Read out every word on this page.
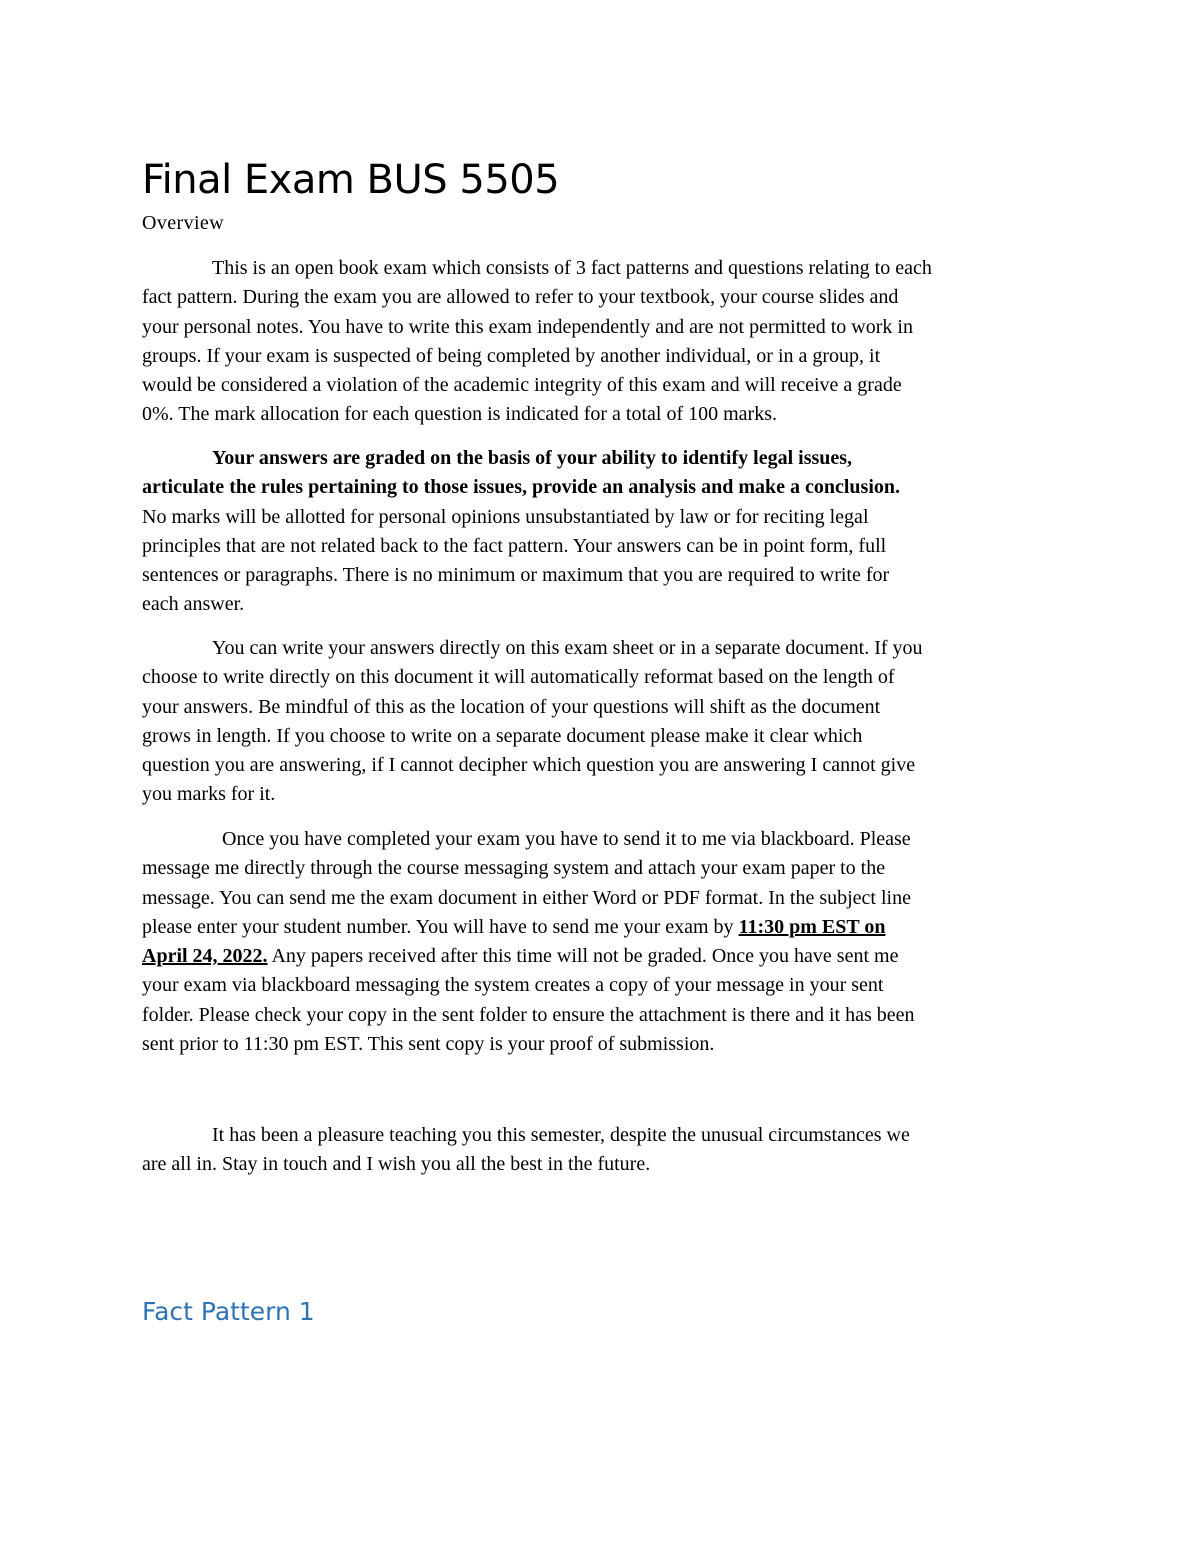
Final Exam BUS 5505

Overview

This is an open book exam which consists of 3 fact patterns and questions relating to each
fact pattern. During the exam you are allowed to refer to your textbook, your course slides and
your personal notes. You have to write this exam independently and are not permitted to work in
groups. If your exam is suspected of being completed by another individual, or in a group, it
would be considered a violation of the academic integrity of this exam and will receive a grade
0%. The mark allocation for each question is indicated for a total of 100 marks.
Your answers are graded on the basis of your ability to identify legal issues,
articulate the rules pertaining to those issues, provide an analysis and make a conclusion.
No marks will be allotted for personal opinions unsubstantiated by law or for reciting legal
principles that are not related back to the fact pattern. Your answers can be in point form, full
sentences or paragraphs. There is no minimum or maximum that you are required to write for
each answer.
You can write your answers directly on this exam sheet or in a separate document. If you
choose to write directly on this document it will automatically reformat based on the length of
your answers. Be mindful of this as the location of your questions will shift as the document
grows in length. If you choose to write on a separate document please make it clear which
question you are answering, if I cannot decipher which question you are answering I cannot give
you marks for it.
Once you have completed your exam you have to send it to me via blackboard. Please
message me directly through the course messaging system and attach your exam paper to the
message. You can send me the exam document in either Word or PDF format. In the subject line
please enter your student number. You will have to send me your exam by 11:30 pm EST on
April 24, 2022. Any papers received after this time will not be graded. Once you have sent me
your exam via blackboard messaging the system creates a copy of your message in your sent
folder. Please check your copy in the sent folder to ensure the attachment is there and it has been
sent prior to 11:30 pm EST. This sent copy is your proof of submission.
It has been a pleasure teaching you this semester, despite the unusual circumstances we
are all in. Stay in touch and I wish you all the best in the future.
Fact Pattern 1
